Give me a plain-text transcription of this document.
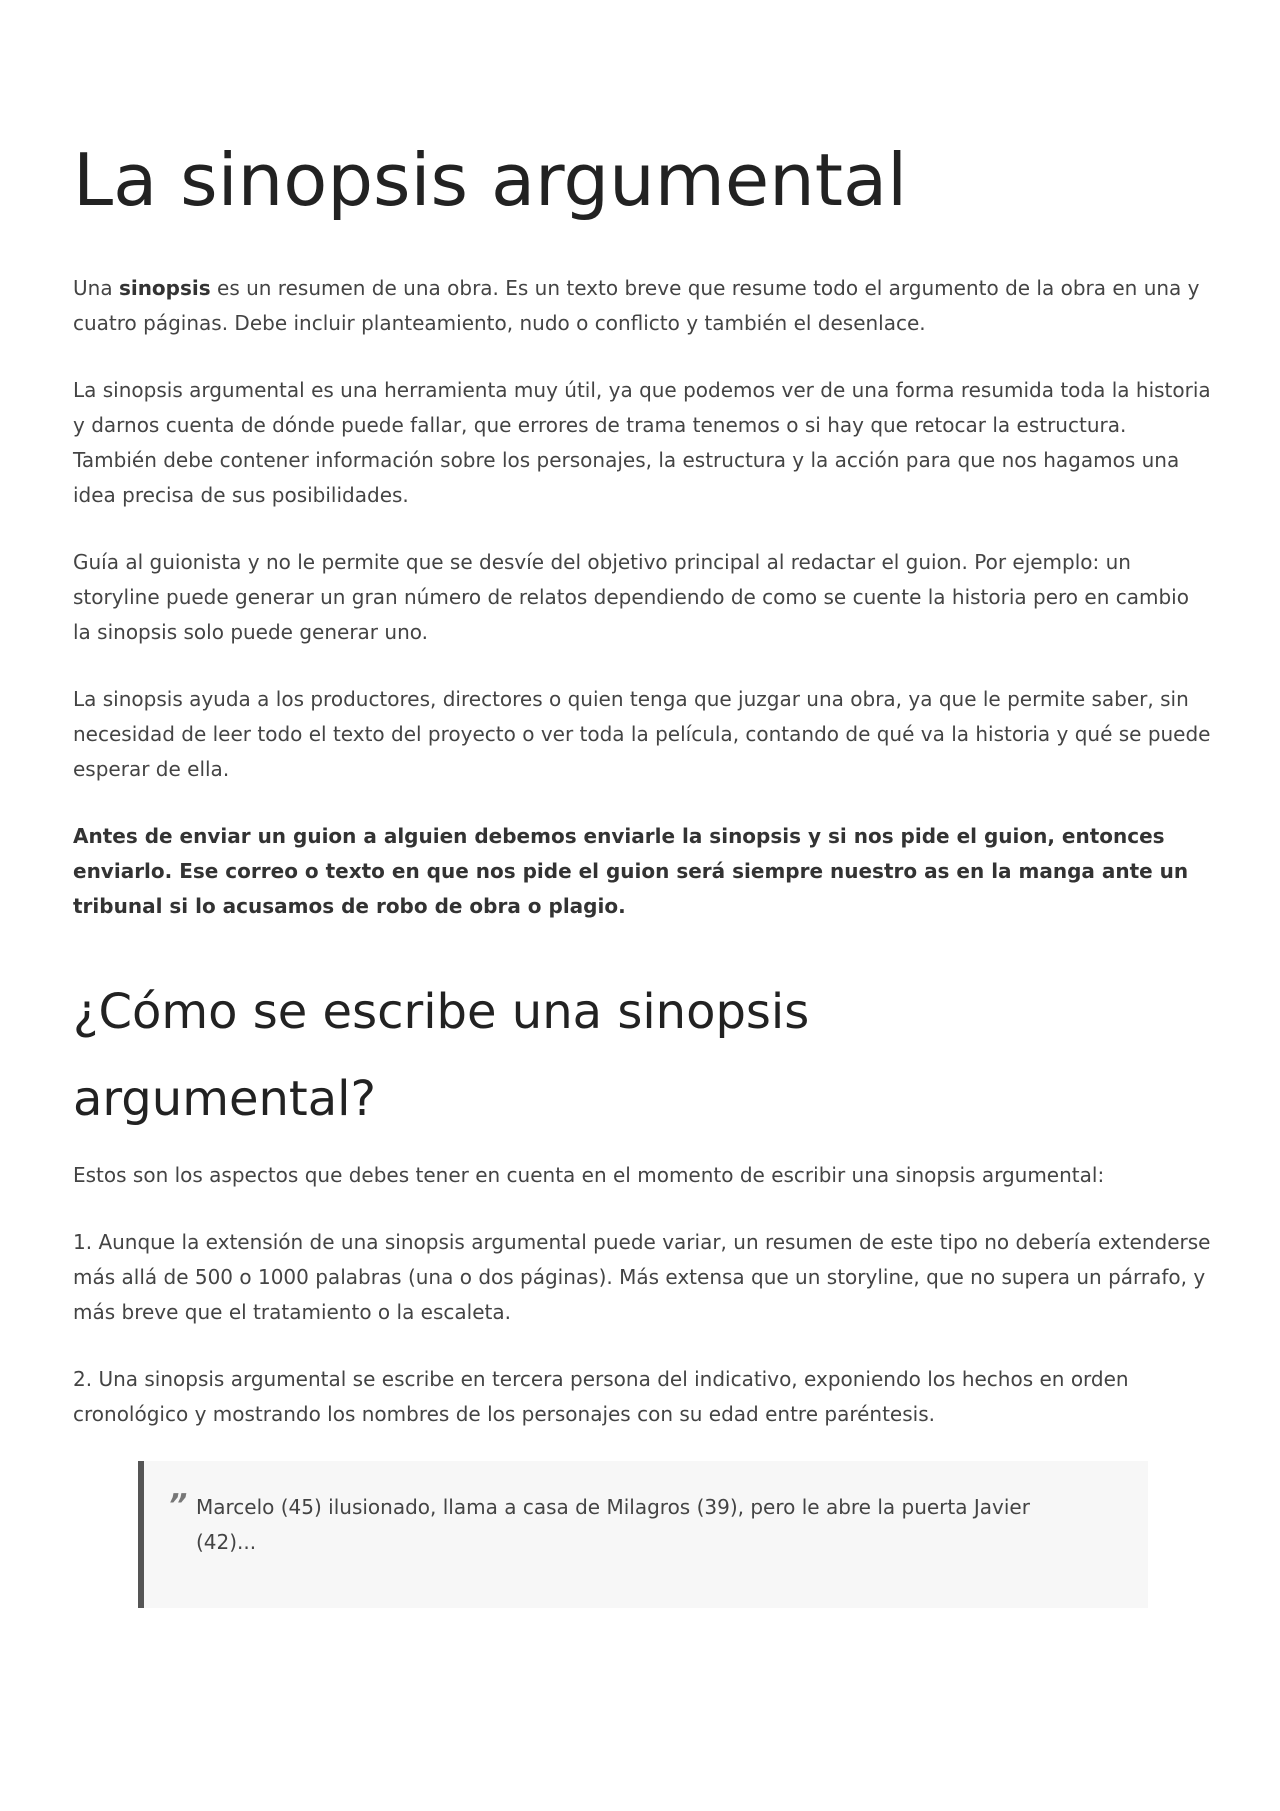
La sinopsis argumental

Una sinopsis es un resumen de una obra. Es un texto breve que resume todo el argumento de la obra en una y cuatro páginas. Debe incluir planteamiento, nudo o conflicto y también el desenlace.

La sinopsis argumental es una herramienta muy útil, ya que podemos ver de una forma resumida toda la historia y darnos cuenta de dónde puede fallar, que errores de trama tenemos o si hay que retocar la estructura. También debe contener información sobre los personajes, la estructura y la acción para que nos hagamos una idea precisa de sus posibilidades.

Guía al guionista y no le permite que se desvíe del objetivo principal al redactar el guion. Por ejemplo: un storyline puede generar un gran número de relatos dependiendo de como se cuente la historia pero en cambio la sinopsis solo puede generar uno.

La sinopsis ayuda a los productores, directores o quien tenga que juzgar una obra, ya que le permite saber, sin necesidad de leer todo el texto del proyecto o ver toda la película, contando de qué va la historia y qué se puede esperar de ella.

Antes de enviar un guion a alguien debemos enviarle la sinopsis y si nos pide el guion, entonces enviarlo. Ese correo o texto en que nos pide el guion será siempre nuestro as en la manga ante un tribunal si lo acusamos de robo de obra o plagio.

¿Cómo se escribe una sinopsis argumental?

Estos son los aspectos que debes tener en cuenta en el momento de escribir una sinopsis argumental:

1. Aunque la extensión de una sinopsis argumental puede variar, un resumen de este tipo no debería extenderse más allá de 500 o 1000 palabras (una o dos páginas). Más extensa que un storyline, que no supera un párrafo, y más breve que el tratamiento o la escaleta.

2. Una sinopsis argumental se escribe en tercera persona del indicativo, exponiendo los hechos en orden cronológico y mostrando los nombres de los personajes con su edad entre paréntesis.

” Marcelo (45) ilusionado, llama a casa de Milagros (39), pero le abre la puerta Javier (42)...
